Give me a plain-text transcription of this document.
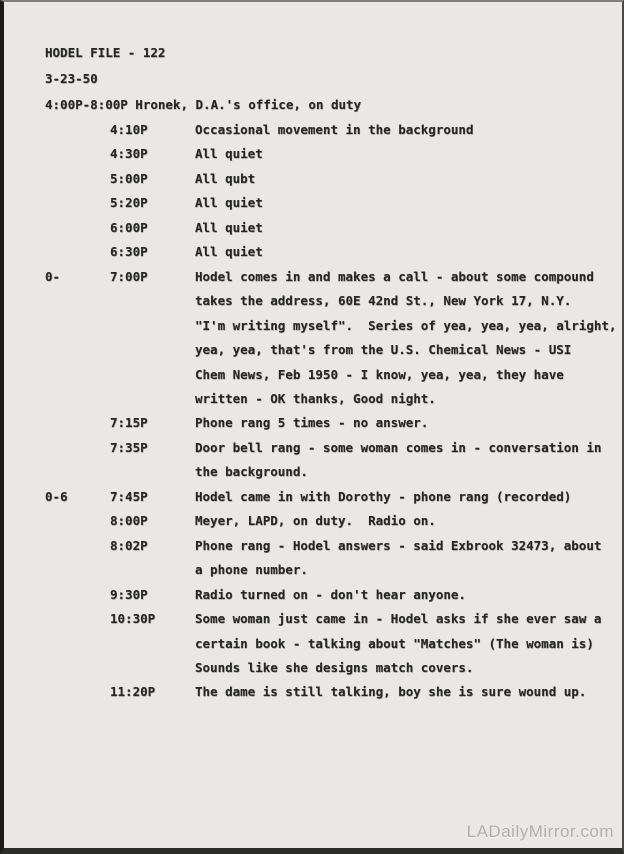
HODEL FILE - 122
3-23-50
4:00P-8:00P Hronek, D.A.'s office, on duty
4:10P	Occasional movement in the background
4:30P	All quiet
5:00P	All qubt
5:20P	All quiet
6:00P	All quiet
6:30P	All quiet
0-	7:00P	Hodel comes in and makes a call - about some compound
takes the address, 60E 42nd St., New York 17, N.Y.
"I'm writing myself".  Series of yea, yea, yea, alright,
yea, yea, that's from the U.S. Chemical News - USI
Chem News, Feb 1950 - I know, yea, yea, they have
written - OK thanks, Good night.
7:15P	Phone rang 5 times - no answer.
7:35P	Door bell rang - some woman comes in - conversation in
the background.
0-6	7:45P	Hodel came in with Dorothy - phone rang (recorded)
8:00P	Meyer, LAPD, on duty.  Radio on.
8:02P	Phone rang - Hodel answers - said Exbrook 32473, about
a phone number.
9:30P	Radio turned on - don't hear anyone.
10:30P	Some woman just came in - Hodel asks if she ever saw a
certain book - talking about "Matches" (The woman is)
Sounds like she designs match covers.
11:20P	The dame is still talking, boy she is sure wound up.
LADailyMirror.com
